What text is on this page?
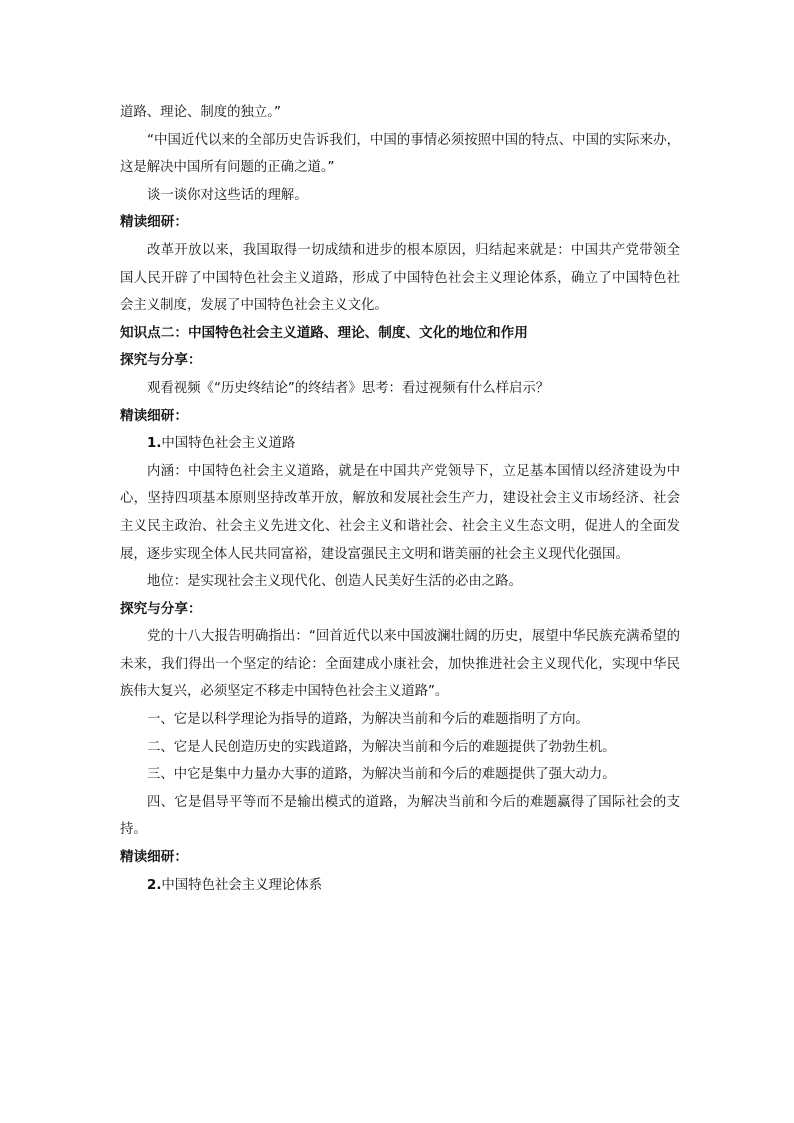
道路、理论、制度的独立。”

“中国近代以来的全部历史告诉我们，中国的事情必须按照中国的特点、中国的实际来办，这是解决中国所有问题的正确之道。”

谈一谈你对这些话的理解。

精读细研：

改革开放以来，我国取得一切成绩和进步的根本原因，归结起来就是：中国共产党带领全国人民开辟了中国特色社会主义道路，形成了中国特色社会主义理论体系，确立了中国特色社会主义制度，发展了中国特色社会主义文化。

知识点二：中国特色社会主义道路、理论、制度、文化的地位和作用

探究与分享：

观看视频《“历史终结论”的终结者》思考：看过视频有什么样启示？

精读细研：

1.中国特色社会主义道路

内涵：中国特色社会主义道路，就是在中国共产党领导下，立足基本国情以经济建设为中心，坚持四项基本原则坚持改革开放，解放和发展社会生产力，建设社会主义市场经济、社会主义民主政治、社会主义先进文化、社会主义和谐社会、社会主义生态文明，促进人的全面发展，逐步实现全体人民共同富裕，建设富强民主文明和谐美丽的社会主义现代化强国。

地位：是实现社会主义现代化、创造人民美好生活的必由之路。

探究与分享：

党的十八大报告明确指出：“回首近代以来中国波澜壮阔的历史，展望中华民族充满希望的未来，我们得出一个坚定的结论：全面建成小康社会，加快推进社会主义现代化，实现中华民族伟大复兴，必须坚定不移走中国特色社会主义道路”。

一、它是以科学理论为指导的道路，为解决当前和今后的难题指明了方向。

二、它是人民创造历史的实践道路，为解决当前和今后的难题提供了勃勃生机。

三、中它是集中力量办大事的道路，为解决当前和今后的难题提供了强大动力。

四、它是倡导平等而不是输出模式的道路，为解决当前和今后的难题赢得了国际社会的支持。

精读细研：

2.中国特色社会主义理论体系
